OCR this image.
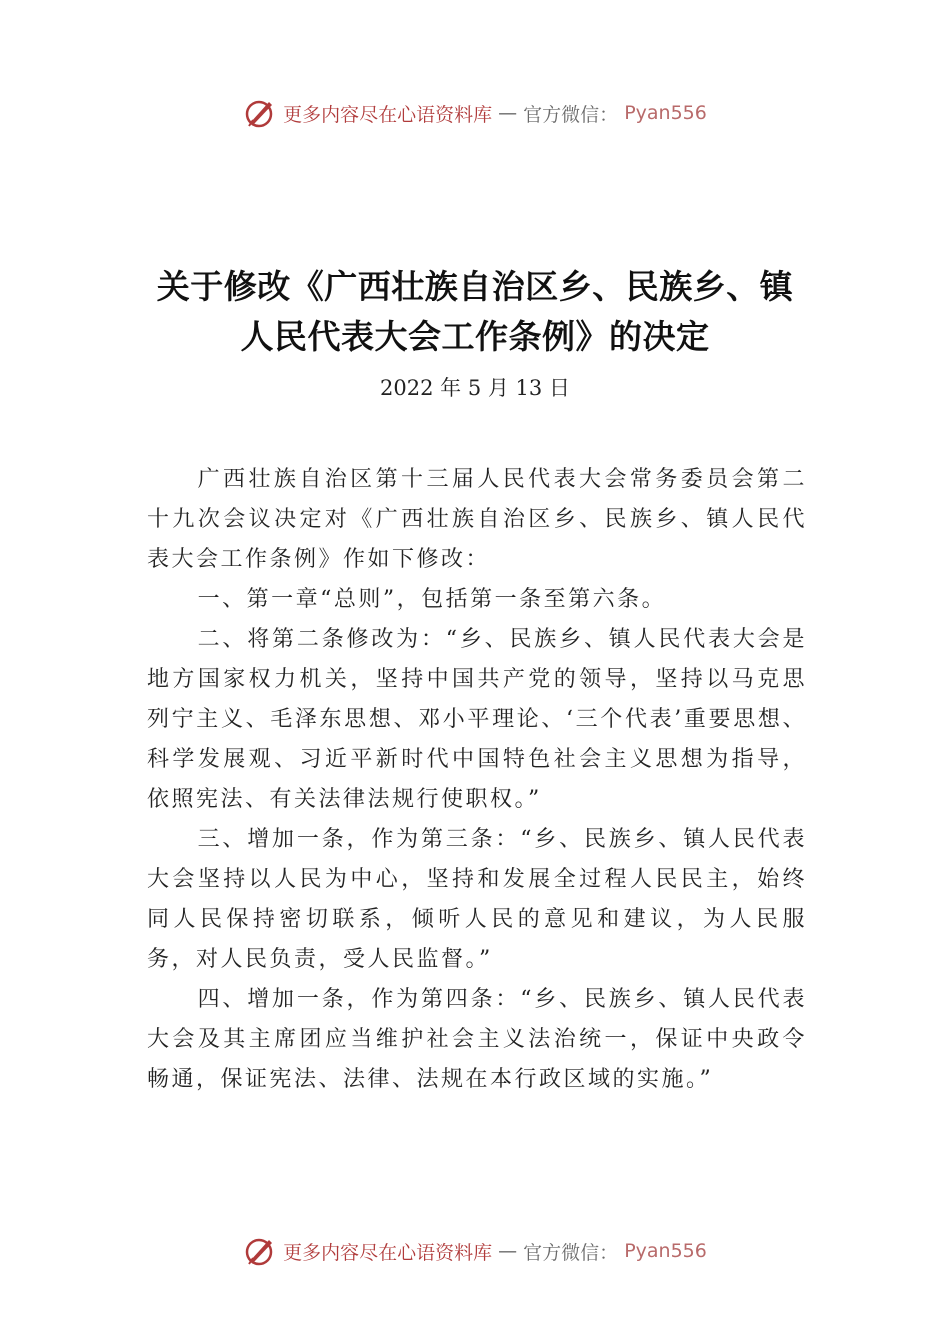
更多内容尽在心语资料库 — 官方微信： Pyan556
关于修改《广西壮族自治区乡、民族乡、镇
人民代表大会工作条例》的决定
2022 年 5 月 13 日

广西壮族自治区第十三届人民代表大会常务委员会第二十九次会议决定对《广西壮族自治区乡、民族乡、镇人民代表大会工作条例》作如下修改：

一、第一章“总则”，包括第一条至第六条。

二、将第二条修改为：“乡、民族乡、镇人民代表大会是地方国家权力机关，坚持中国共产党的领导，坚持以马克思列宁主义、毛泽东思想、邓小平理论、‘三个代表’重要思想、科学发展观、习近平新时代中国特色社会主义思想为指导，依照宪法、有关法律法规行使职权。”

三、增加一条，作为第三条：“乡、民族乡、镇人民代表大会坚持以人民为中心，坚持和发展全过程人民民主，始终同人民保持密切联系，倾听人民的意见和建议，为人民服务，对人民负责，受人民监督。”

四、增加一条，作为第四条：“乡、民族乡、镇人民代表大会及其主席团应当维护社会主义法治统一，保证中央政令畅通，保证宪法、法律、法规在本行政区域的实施。”

更多内容尽在心语资料库 — 官方微信： Pyan556
